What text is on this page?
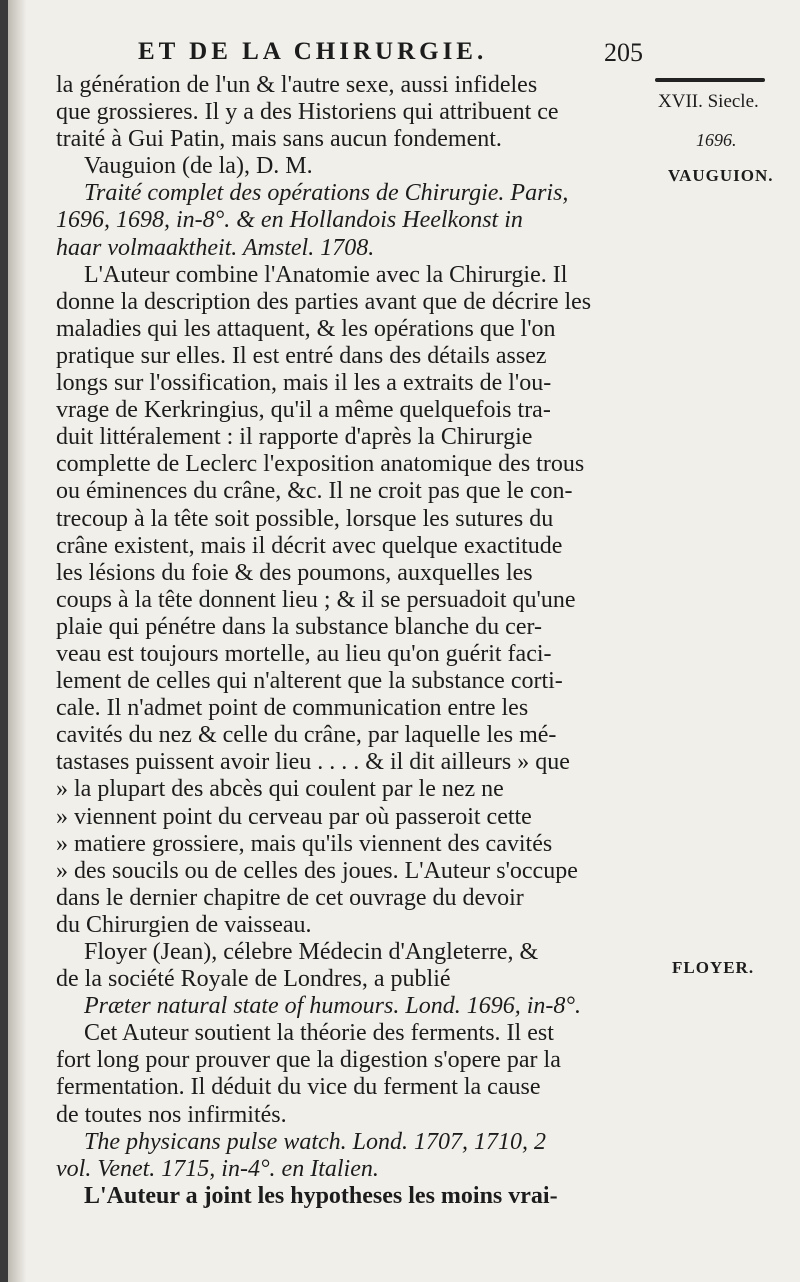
ET DE LA CHIRURGIE.	205
XVII. Siecle.
1696.
VAUGUION.
FLOYER.
la génération de l'un & l'autre sexe, aussi infideles
que grossieres. Il y a des Historiens qui attribuent ce
traité à Gui Patin, mais sans aucun fondement.
Vauguion (de la), D. M.
Traité complet des opérations de Chirurgie. Paris,
1696, 1698, in-8°. & en Hollandois Heelkonst in
haar volmaaktheit. Amstel. 1708.
L'Auteur combine l'Anatomie avec la Chirurgie. Il
donne la description des parties avant que de décrire les
maladies qui les attaquent, & les opérations que l'on
pratique sur elles. Il est entré dans des détails assez
longs sur l'ossification, mais il les a extraits de l'ou-
vrage de Kerkringius, qu'il a même quelquefois tra-
duit littéralement : il rapporte d'après la Chirurgie
complette de Leclerc l'exposition anatomique des trous
ou éminences du crâne, &c. Il ne croit pas que le con-
trecoup à la tête soit possible, lorsque les sutures du
crâne existent, mais il décrit avec quelque exactitude
les lésions du foie & des poumons, auxquelles les
coups à la tête donnent lieu ; & il se persuadoit qu'une
plaie qui pénétre dans la substance blanche du cer-
veau est toujours mortelle, au lieu qu'on guérit faci-
lement de celles qui n'alterent que la substance corti-
cale. Il n'admet point de communication entre les
cavités du nez & celle du crâne, par laquelle les mé-
tastases puissent avoir lieu . . . . & il dit ailleurs » que
» la plupart des abcès qui coulent par le nez ne
» viennent point du cerveau par où passeroit cette
» matiere grossiere, mais qu'ils viennent des cavités
» des soucils ou de celles des joues. L'Auteur s'occupe
dans le dernier chapitre de cet ouvrage du devoir
du Chirurgien de vaisseau.
Floyer (Jean), célebre Médecin d'Angleterre, &
de la société Royale de Londres, a publié
Præter natural state of humours. Lond. 1696, in-8°.
Cet Auteur soutient la théorie des ferments. Il est
fort long pour prouver que la digestion s'opere par la
fermentation. Il déduit du vice du ferment la cause
de toutes nos infirmités.
The physicans pulse watch. Lond. 1707, 1710, 2
vol. Venet. 1715, in-4°. en Italien.
L'Auteur a joint les hypotheses les moins vrai-
